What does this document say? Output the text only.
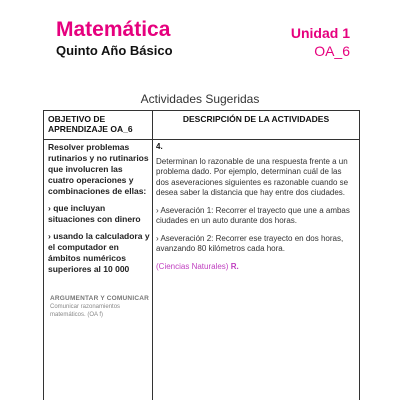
Matemática
Quinto Año Básico
Unidad 1
OA_6
Actividades Sugeridas
OBJETIVO DE APRENDIZAJE OA_6
DESCRIPCIÓN DE LA ACTIVIDADES

Resolver problemas rutinarios y no rutinarios que involucren las cuatro operaciones y combinaciones de ellas:

› que incluyan situaciones con dinero

› usando la calculadora y el computador en ámbitos numéricos superiores al 10 000

ARGUMENTAR Y COMUNICAR
Comunicar razonamientos matemáticos. (OA f)

4.

Determinan lo razonable de una respuesta frente a un problema dado. Por ejemplo, determinan cuál de las dos aseveraciones siguientes es razonable cuando se desea saber la distancia que hay entre dos ciudades.

› Aseveración 1: Recorrer el trayecto que une a ambas ciudades en un auto durante dos horas.

› Aseveración 2: Recorrer ese trayecto en dos horas, avanzando 80 kilómetros cada hora.

(Ciencias Naturales) R.
